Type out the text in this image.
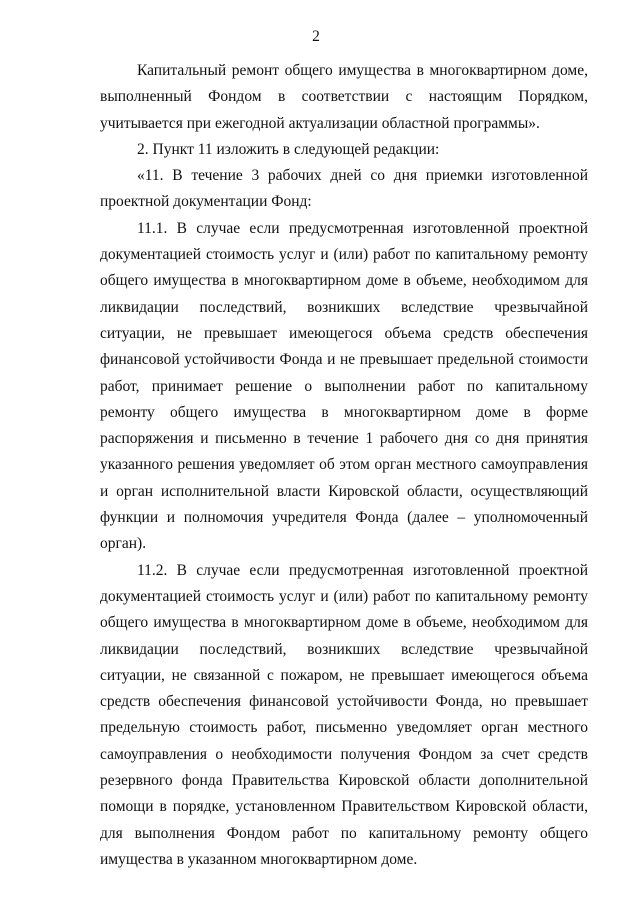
2

Капитальный ремонт общего имущества в многоквартирном доме, выполненный Фондом в соответствии с настоящим Порядком, учитывается при ежегодной актуализации областной программы».

2. Пункт 11 изложить в следующей редакции:

«11. В течение 3 рабочих дней со дня приемки изготовленной проектной документации Фонд:

11.1. В случае если предусмотренная изготовленной проектной документацией стоимость услуг и (или) работ по капитальному ремонту общего имущества в многоквартирном доме в объеме, необходимом для ликвидации последствий, возникших вследствие чрезвычайной ситуации, не превышает имеющегося объема средств обеспечения финансовой устойчивости Фонда и не превышает предельной стоимости работ, принимает решение о выполнении работ по капитальному ремонту общего имущества в многоквартирном доме в форме распоряжения и письменно в течение 1 рабочего дня со дня принятия указанного решения уведомляет об этом орган местного самоуправления и орган исполнительной власти Кировской области, осуществляющий функции и полномочия учредителя Фонда (далее – уполномоченный орган).

11.2. В случае если предусмотренная изготовленной проектной документацией стоимость услуг и (или) работ по капитальному ремонту общего имущества в многоквартирном доме в объеме, необходимом для ликвидации последствий, возникших вследствие чрезвычайной ситуации, не связанной с пожаром, не превышает имеющегося объема средств обеспечения финансовой устойчивости Фонда, но превышает предельную стоимость работ, письменно уведомляет орган местного самоуправления о необходимости получения Фондом за счет средств резервного фонда Правительства Кировской области дополнительной помощи в порядке, установленном Правительством Кировской области, для выполнения Фондом работ по капитальному ремонту общего имущества в указанном многоквартирном доме.
